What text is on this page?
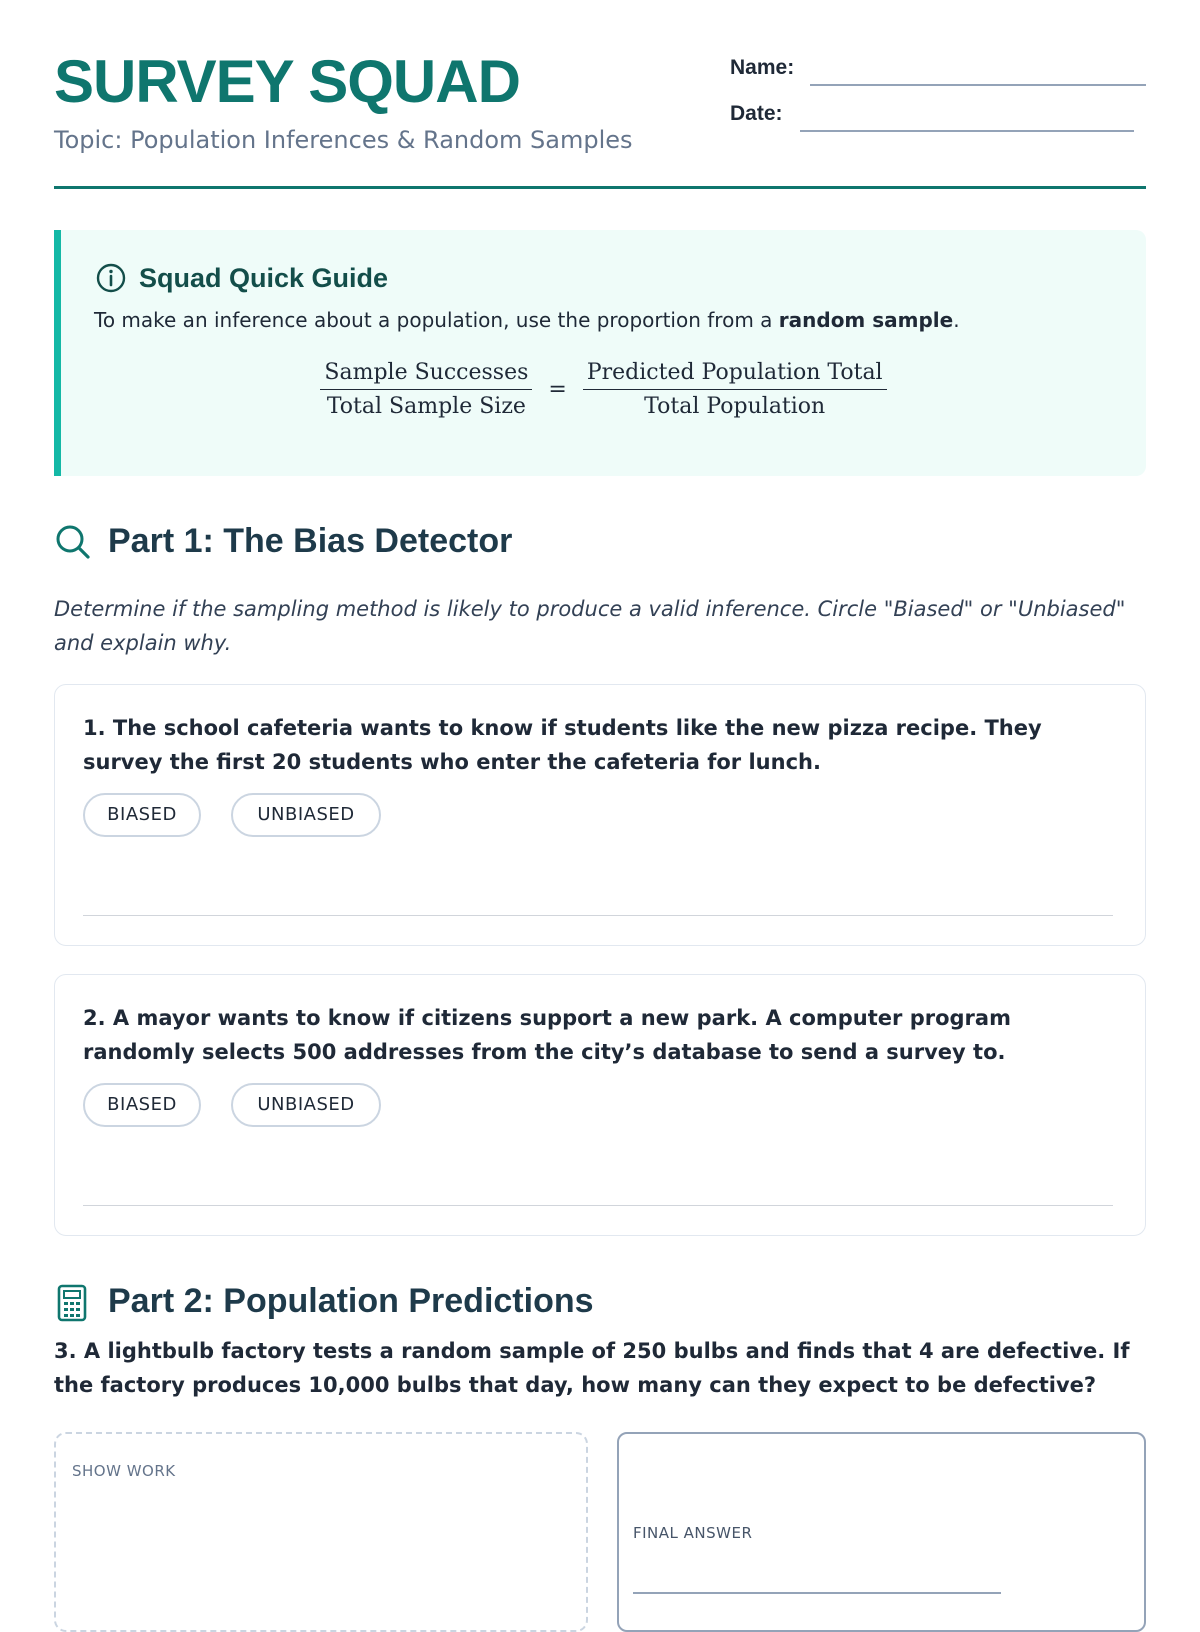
SURVEY SQUAD
Topic: Population Inferences & Random Samples
Name:
Date:
Squad Quick Guide
To make an inference about a population, use the proportion from a random sample.
$\frac{\text{Sample Successes}}{\text{Total Sample Size}} = \frac{\text{Predicted Population Total}}{\text{Total Population}}$
Part 1: The Bias Detector
Determine if the sampling method is likely to produce a valid inference. Circle "Biased" or "Unbiased" and explain why.
1. The school cafeteria wants to know if students like the new pizza recipe. They survey the first 20 students who enter the cafeteria for lunch.
BIASED	UNBIASED
2. A mayor wants to know if citizens support a new park. A computer program randomly selects 500 addresses from the city’s database to send a survey to.
BIASED	UNBIASED
Part 2: Population Predictions
3. A lightbulb factory tests a random sample of 250 bulbs and finds that 4 are defective. If the factory produces 10,000 bulbs that day, how many can they expect to be defective?
SHOW WORK
FINAL ANSWER
